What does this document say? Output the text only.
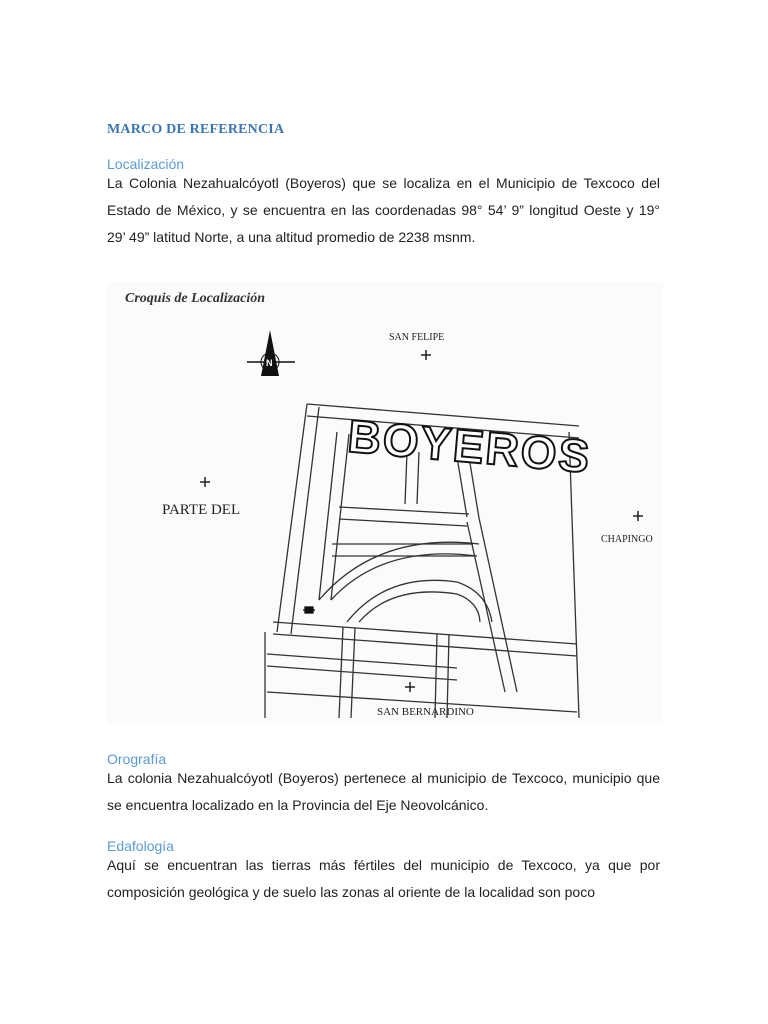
MARCO DE REFERENCIA

Localización

La Colonia Nezahualcóyotl (Boyeros) que se localiza en el Municipio de Texcoco del Estado de México, y se encuentra en las coordenadas 98° 54’ 9” longitud Oeste y 19° 29’ 49” latitud Norte, a una altitud promedio de 2238 msnm.

Croquis de Localización
N
SAN FELIPE
PARTE DEL
CHAPINGO
SAN BERNARDINO
BOYEROS

Orografía

La colonia Nezahualcóyotl (Boyeros) pertenece al municipio de Texcoco, municipio que se encuentra localizado en la Provincia del Eje Neovolcánico.

Edafología

Aquí se encuentran las tierras más fértiles del municipio de Texcoco, ya que por composición geológica y de suelo las zonas al oriente de la localidad son poco
